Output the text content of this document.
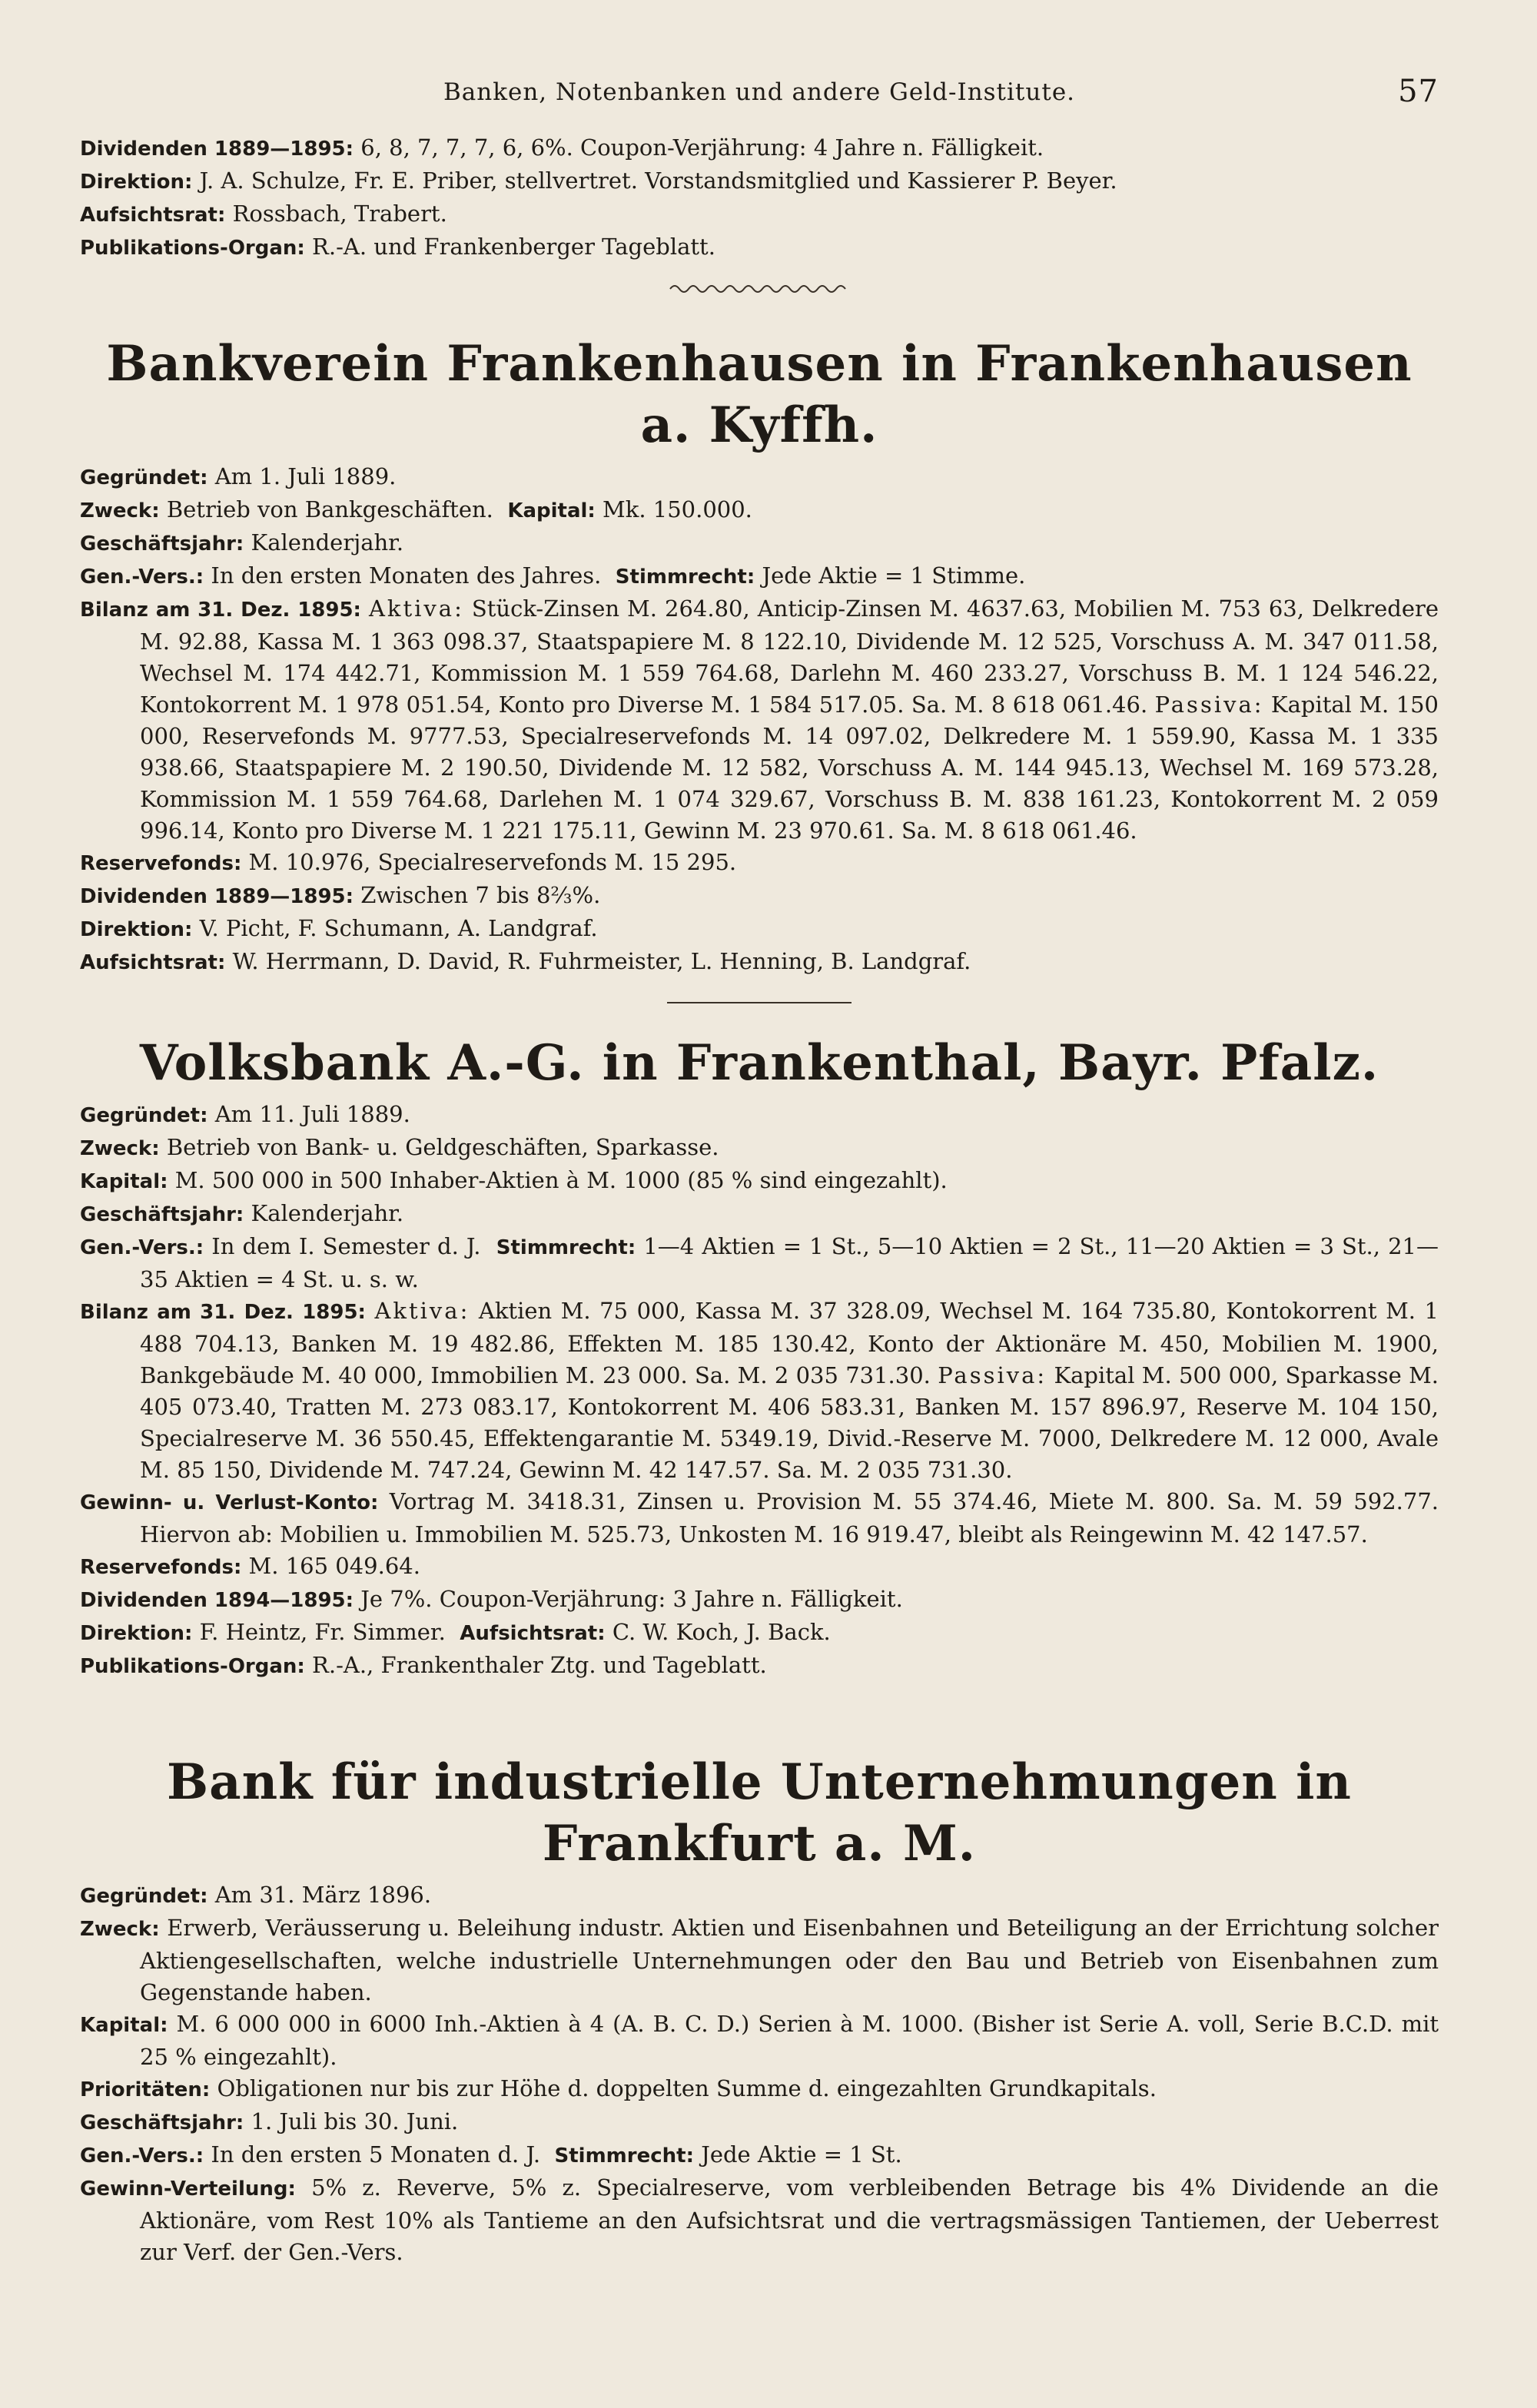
Banken, Notenbanken und andere Geld-Institute.	57

Dividenden 1889—1895: 6, 8, 7, 7, 7, 6, 6%. Coupon-Verjährung: 4 Jahre n. Fälligkeit.

Direktion: J. A. Schulze, Fr. E. Priber, stellvertret. Vorstandsmitglied und Kassierer P. Beyer.

Aufsichtsrat: Rossbach, Trabert.

Publikations-Organ: R.-A. und Frankenberger Tageblatt.

Bankverein Frankenhausen in Frankenhausen a. Kyffh.

Gegründet: Am 1. Juli 1889.

Zweck: Betrieb von Bankgeschäften. Kapital: Mk. 150.000.

Geschäftsjahr: Kalenderjahr.

Gen.-Vers.: In den ersten Monaten des Jahres. Stimmrecht: Jede Aktie = 1 Stimme.

Bilanz am 31. Dez. 1895: Aktiva: Stück-Zinsen M. 264.80, Anticip-Zinsen M. 4637.63, Mobilien M. 753 63, Delkredere M. 92.88, Kassa M. 1 363 098.37, Staatspapiere M. 8 122.10, Dividende M. 12 525, Vorschuss A. M. 347 011.58, Wechsel M. 174 442.71, Kommission M. 1 559 764.68, Darlehn M. 460 233.27, Vorschuss B. M. 1 124 546.22, Kontokorrent M. 1 978 051.54, Konto pro Diverse M. 1 584 517.05. Sa. M. 8 618 061.46. Passiva: Kapital M. 150 000, Reservefonds M. 9777.53, Specialreservefonds M. 14 097.02, Delkredere M. 1 559.90, Kassa M. 1 335 938.66, Staatspapiere M. 2 190.50, Dividende M. 12 582, Vorschuss A. M. 144 945.13, Wechsel M. 169 573.28, Kommission M. 1 559 764.68, Darlehen M. 1 074 329.67, Vorschuss B. M. 838 161.23, Kontokorrent M. 2 059 996.14, Konto pro Diverse M. 1 221 175.11, Gewinn M. 23 970.61. Sa. M. 8 618 061.46.

Reservefonds: M. 10.976, Specialreservefonds M. 15 295.

Dividenden 1889—1895: Zwischen 7 bis 8⅔%.

Direktion: V. Picht, F. Schumann, A. Landgraf.

Aufsichtsrat: W. Herrmann, D. David, R. Fuhrmeister, L. Henning, B. Landgraf.

Volksbank A.-G. in Frankenthal, Bayr. Pfalz.

Gegründet: Am 11. Juli 1889.

Zweck: Betrieb von Bank- u. Geldgeschäften, Sparkasse.

Kapital: M. 500 000 in 500 Inhaber-Aktien à M. 1000 (85 % sind eingezahlt).

Geschäftsjahr: Kalenderjahr.

Gen.-Vers.: In dem I. Semester d. J. Stimmrecht: 1—4 Aktien = 1 St., 5—10 Aktien = 2 St., 11—20 Aktien = 3 St., 21—35 Aktien = 4 St. u. s. w.

Bilanz am 31. Dez. 1895: Aktiva: Aktien M. 75 000, Kassa M. 37 328.09, Wechsel M. 164 735.80, Kontokorrent M. 1 488 704.13, Banken M. 19 482.86, Effekten M. 185 130.42, Konto der Aktionäre M. 450, Mobilien M. 1900, Bankgebäude M. 40 000, Immobilien M. 23 000. Sa. M. 2 035 731.30. Passiva: Kapital M. 500 000, Sparkasse M. 405 073.40, Tratten M. 273 083.17, Kontokorrent M. 406 583.31, Banken M. 157 896.97, Reserve M. 104 150, Specialreserve M. 36 550.45, Effektengarantie M. 5349.19, Divid.-Reserve M. 7000, Delkredere M. 12 000, Avale M. 85 150, Dividende M. 747.24, Gewinn M. 42 147.57. Sa. M. 2 035 731.30.

Gewinn- u. Verlust-Konto: Vortrag M. 3418.31, Zinsen u. Provision M. 55 374.46, Miete M. 800. Sa. M. 59 592.77. Hiervon ab: Mobilien u. Immobilien M. 525.73, Unkosten M. 16 919.47, bleibt als Reingewinn M. 42 147.57.

Reservefonds: M. 165 049.64.

Dividenden 1894—1895: Je 7%. Coupon-Verjährung: 3 Jahre n. Fälligkeit.

Direktion: F. Heintz, Fr. Simmer. Aufsichtsrat: C. W. Koch, J. Back.

Publikations-Organ: R.-A., Frankenthaler Ztg. und Tageblatt.

Bank für industrielle Unternehmungen in Frankfurt a. M.

Gegründet: Am 31. März 1896.

Zweck: Erwerb, Veräusserung u. Beleihung industr. Aktien und Eisenbahnen und Beteiligung an der Errichtung solcher Aktiengesellschaften, welche industrielle Unternehmungen oder den Bau und Betrieb von Eisenbahnen zum Gegenstande haben.

Kapital: M. 6 000 000 in 6000 Inh.-Aktien à 4 (A. B. C. D.) Serien à M. 1000. (Bisher ist Serie A. voll, Serie B.C.D. mit 25 % eingezahlt).

Prioritäten: Obligationen nur bis zur Höhe d. doppelten Summe d. eingezahlten Grundkapitals.

Geschäftsjahr: 1. Juli bis 30. Juni.

Gen.-Vers.: In den ersten 5 Monaten d. J. Stimmrecht: Jede Aktie = 1 St.

Gewinn-Verteilung: 5% z. Reverve, 5% z. Specialreserve, vom verbleibenden Betrage bis 4% Dividende an die Aktionäre, vom Rest 10% als Tantieme an den Aufsichtsrat und die vertragsmässigen Tantiemen, der Ueberrest zur Verf. der Gen.-Vers.
